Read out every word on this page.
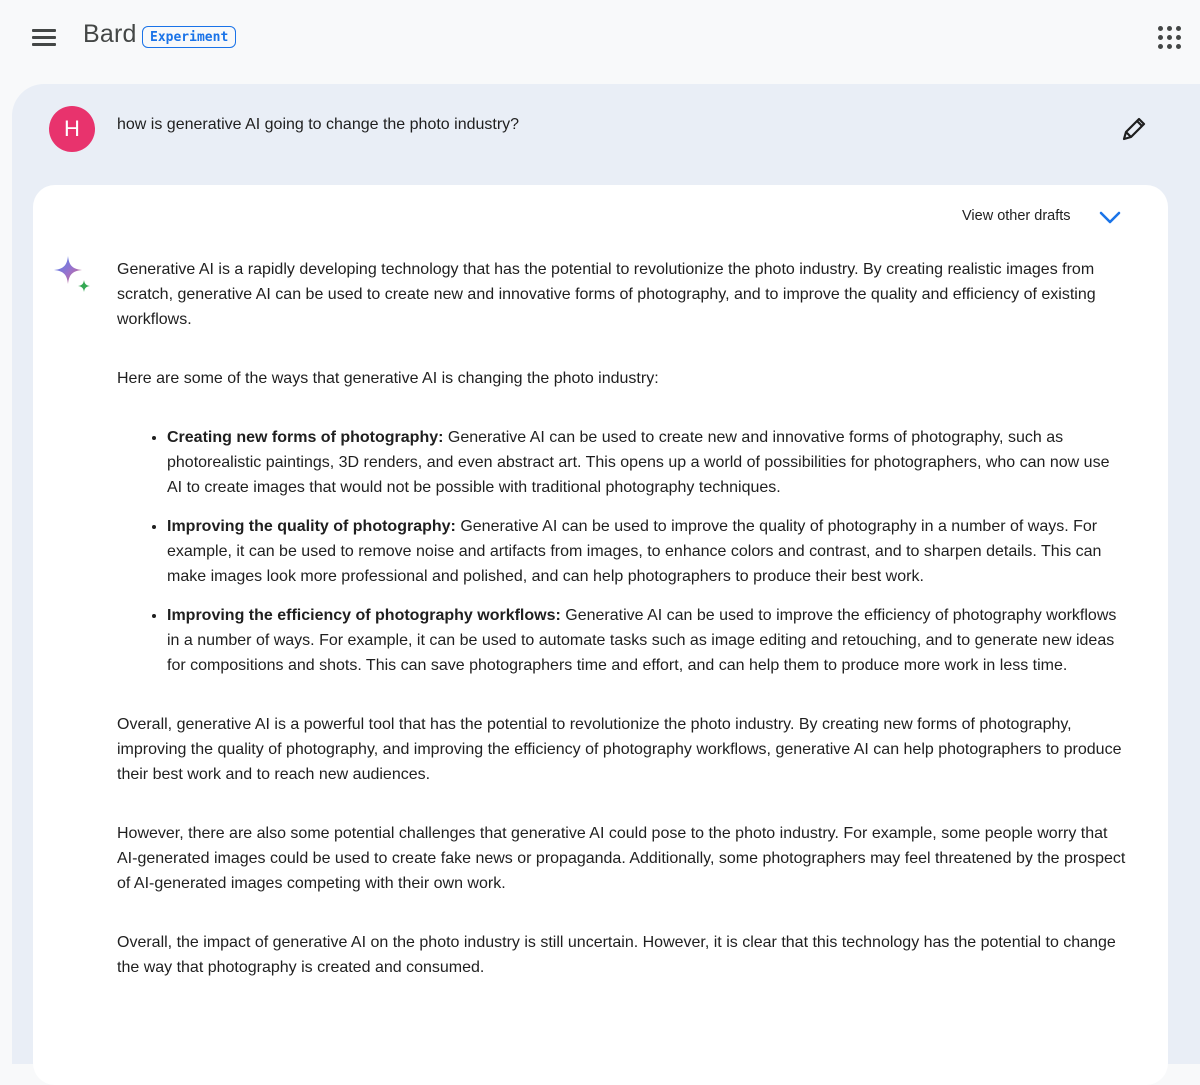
Bard	Experiment
H	how is generative AI going to change the photo industry?
View other drafts

Generative AI is a rapidly developing technology that has the potential to revolutionize the photo industry. By creating realistic images from scratch, generative AI can be used to create new and innovative forms of photography, and to improve the quality and efficiency of existing workflows.

Here are some of the ways that generative AI is changing the photo industry:

• Creating new forms of photography: Generative AI can be used to create new and innovative forms of photography, such as photorealistic paintings, 3D renders, and even abstract art. This opens up a world of possibilities for photographers, who can now use AI to create images that would not be possible with traditional photography techniques.
• Improving the quality of photography: Generative AI can be used to improve the quality of photography in a number of ways. For example, it can be used to remove noise and artifacts from images, to enhance colors and contrast, and to sharpen details. This can make images look more professional and polished, and can help photographers to produce their best work.
• Improving the efficiency of photography workflows: Generative AI can be used to improve the efficiency of photography workflows in a number of ways. For example, it can be used to automate tasks such as image editing and retouching, and to generate new ideas for compositions and shots. This can save photographers time and effort, and can help them to produce more work in less time.

Overall, generative AI is a powerful tool that has the potential to revolutionize the photo industry. By creating new forms of photography, improving the quality of photography, and improving the efficiency of photography workflows, generative AI can help photographers to produce their best work and to reach new audiences.

However, there are also some potential challenges that generative AI could pose to the photo industry. For example, some people worry that AI-generated images could be used to create fake news or propaganda. Additionally, some photographers may feel threatened by the prospect of AI-generated images competing with their own work.

Overall, the impact of generative AI on the photo industry is still uncertain. However, it is clear that this technology has the potential to change the way that photography is created and consumed.
